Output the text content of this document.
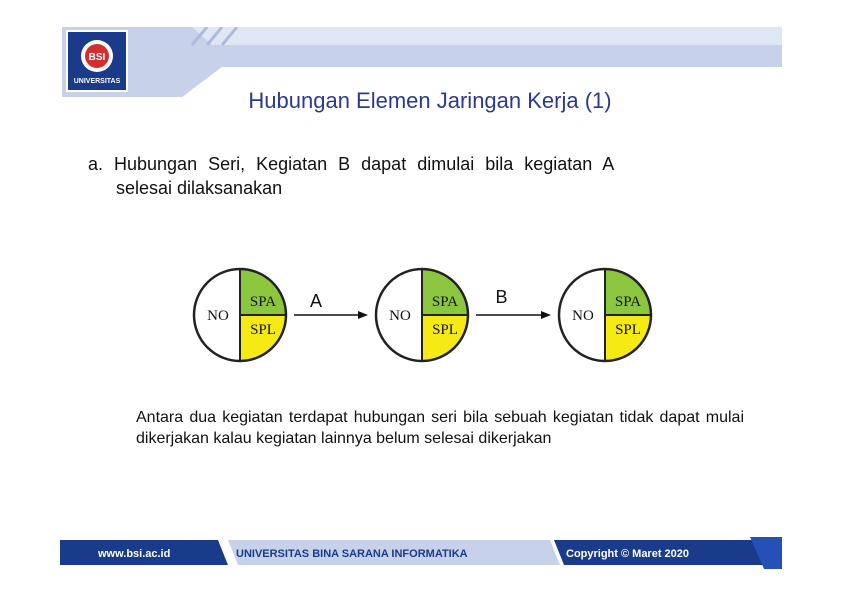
BSI
UNIVERSITAS
Hubungan Elemen Jaringan Kerja (1)
a. Hubungan Seri, Kegiatan B dapat dimulai bila kegiatan A
selesai dilaksanakan
NO
SPA
SPL
NO
SPA
SPL
NO
SPA
SPL
A	B
Antara dua kegiatan terdapat hubungan seri bila sebuah kegiatan tidak dapat mulai dikerjakan kalau kegiatan lainnya belum selesai dikerjakan
www.bsi.ac.id	UNIVERSITAS BINA SARANA INFORMATIKA	Copyright © Maret 2020
